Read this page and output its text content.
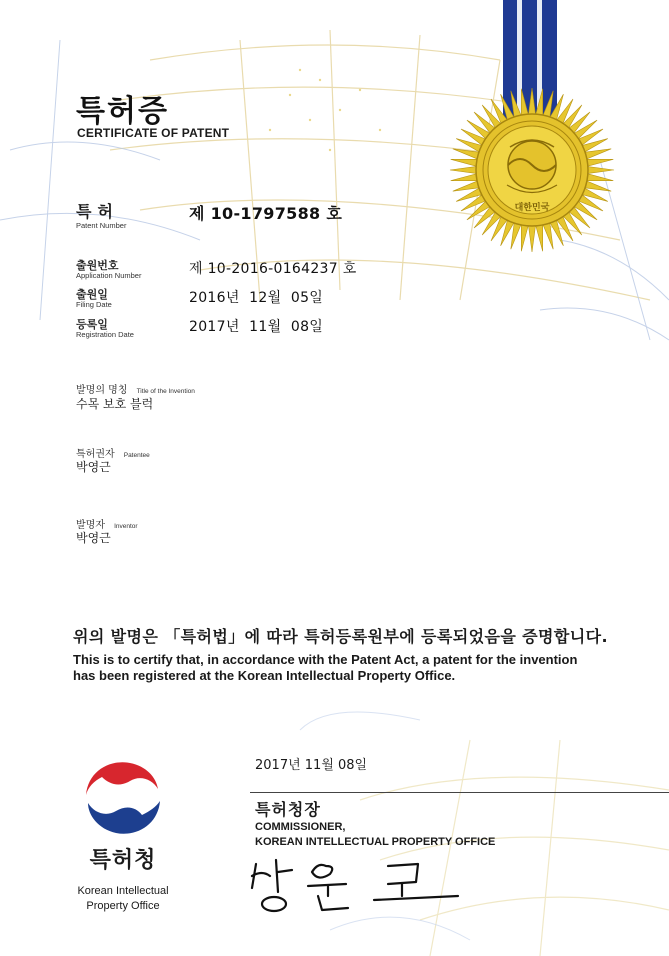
대한민국
특허증
CERTIFICATE OF PATENT
특허
Patent Number
제 10-1797588 호
출원번호
Application Number	제 10-2016-0164237 호
출원일
Filing Date	2016년  12월  05일
등록일
Registration Date	2017년  11월  08일
발명의 명칭 Title of the Invention
수목 보호 블럭
특허권자 Patentee
박영근
발명자 Inventor
박영근
위의 발명은 「특허법」에 따라 특허등록원부에 등록되었음을 증명합니다.
This is to certify that, in accordance with the Patent Act, a patent for the invention
has been registered at the Korean Intellectual Property Office.
2017년 11월 08일
특허청장
COMMISSIONER,
KOREAN INTELLECTUAL PROPERTY OFFICE
특허청
Korean Intellectual
Property Office
